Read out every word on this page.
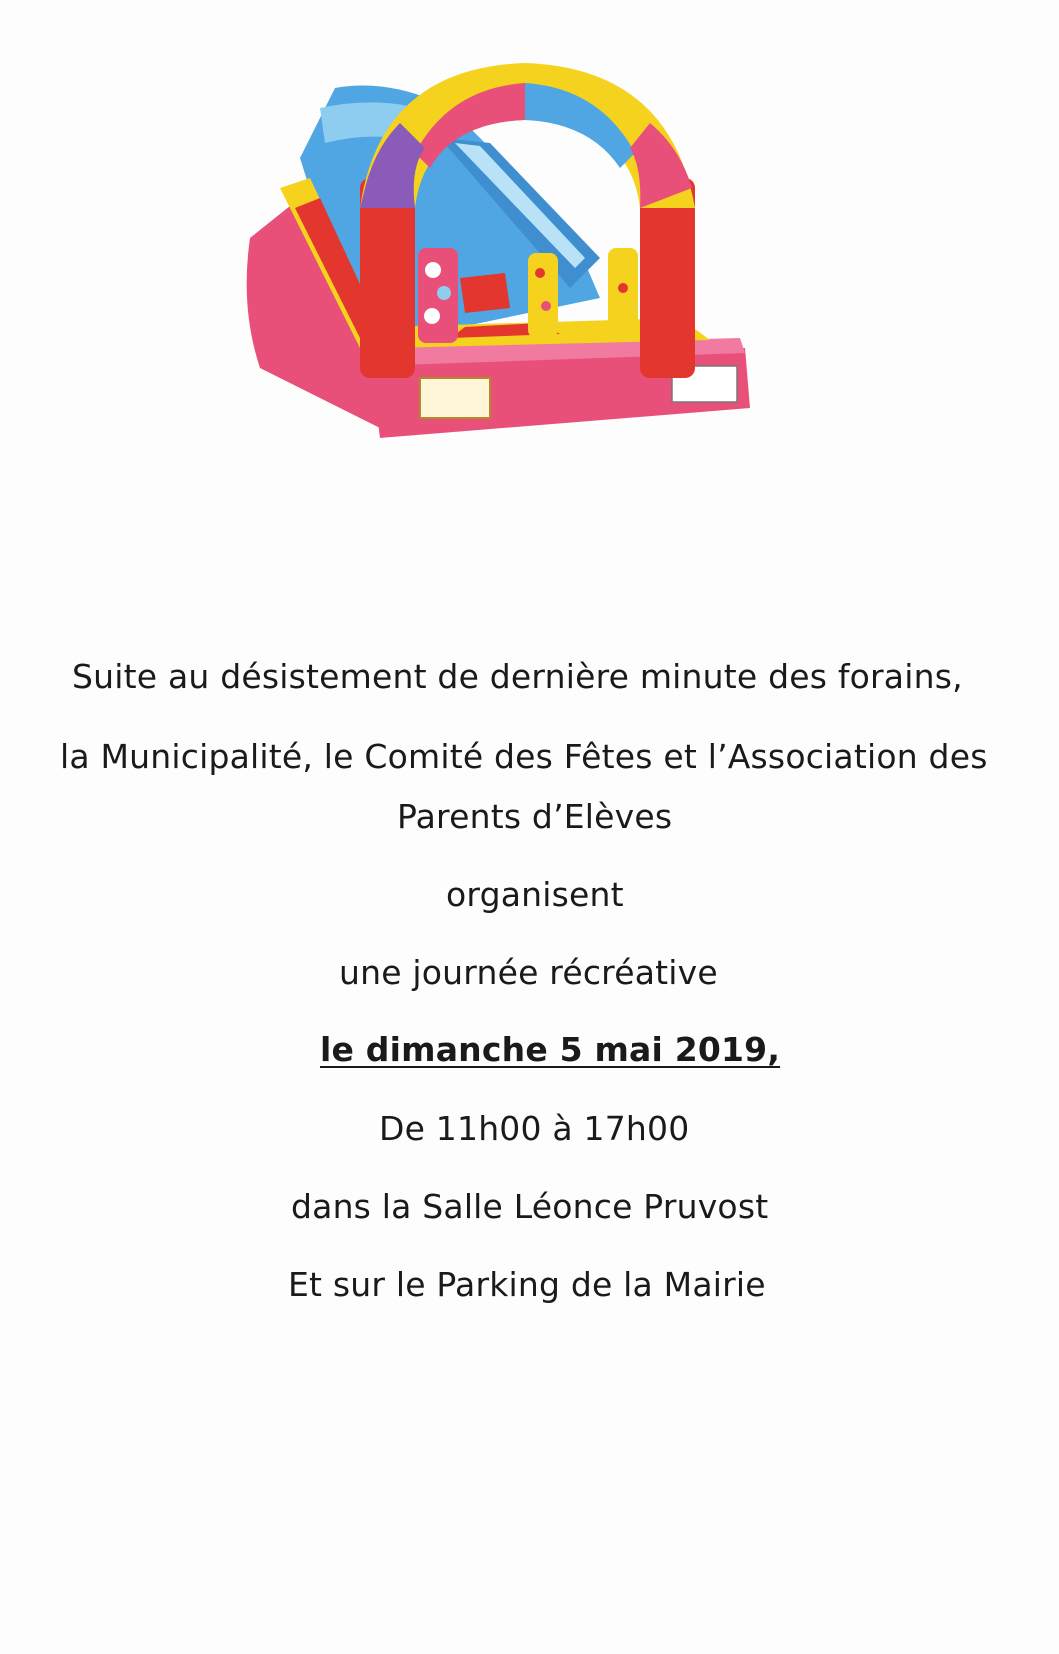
Suite au désistement de dernière minute des forains,
la Municipalité, le Comité des Fêtes et l’Association des
Parents d’Elèves
organisent
une journée récréative
le dimanche 5 mai 2019,
De 11h00 à 17h00
dans la Salle Léonce Pruvost
Et sur le Parking de la Mairie
